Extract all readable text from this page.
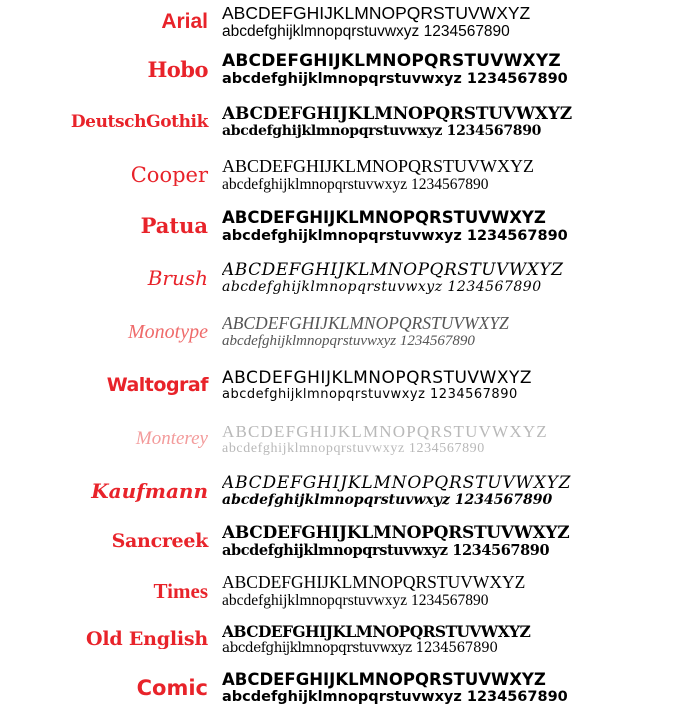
Arial ABCDEFGHIJKLMNOPQRSTUVWXYZ
abcdefghijklmnopqrstuvwxyz 1234567890
Hobo ABCDEFGHIJKLMNOPQRSTUVWXYZ
abcdefghijklmnopqrstuvwxyz 1234567890
DeutschGothik ABCDEFGHIJKLMNOPQRSTUVWXYZ
abcdefghijklmnopqrstuvwxyz 1234567890
Cooper ABCDEFGHIJKLMNOPQRSTUVWXYZ
abcdefghijklmnopqrstuvwxyz 1234567890
Patua ABCDEFGHIJKLMNOPQRSTUVWXYZ
abcdefghijklmnopqrstuvwxyz 1234567890
Brush ABCDEFGHIJKLMNOPQRSTUVWXYZ
abcdefghijklmnopqrstuvwxyz 1234567890
Monotype ABCDEFGHIJKLMNOPQRSTUVWXYZ
abcdefghijklmnopqrstuvwxyz 1234567890
Waltograf ABCDEFGHIJKLMNOPQRSTUVWXYZ
abcdefghijklmnopqrstuvwxyz 1234567890
Monterey ABCDEFGHIJKLMNOPQRSTUVWXYZ
abcdefghijklmnopqrstuvwxyz 1234567890
Kaufmann ABCDEFGHIJKLMNOPQRSTUVWXYZ
abcdefghijklmnopqrstuvwxyz 1234567890
Sancreek ABCDEFGHIJKLMNOPQRSTUVWXYZ
abcdefghijklmnopqrstuvwxyz 1234567890
Times ABCDEFGHIJKLMNOPQRSTUVWXYZ
abcdefghijklmnopqrstuvwxyz 1234567890
Old English ABCDEFGHIJKLMNOPQRSTUVWXYZ
abcdefghijklmnopqrstuvwxyz 1234567890
Comic ABCDEFGHIJKLMNOPQRSTUVWXYZ
abcdefghijklmnopqrstuvwxyz 1234567890
